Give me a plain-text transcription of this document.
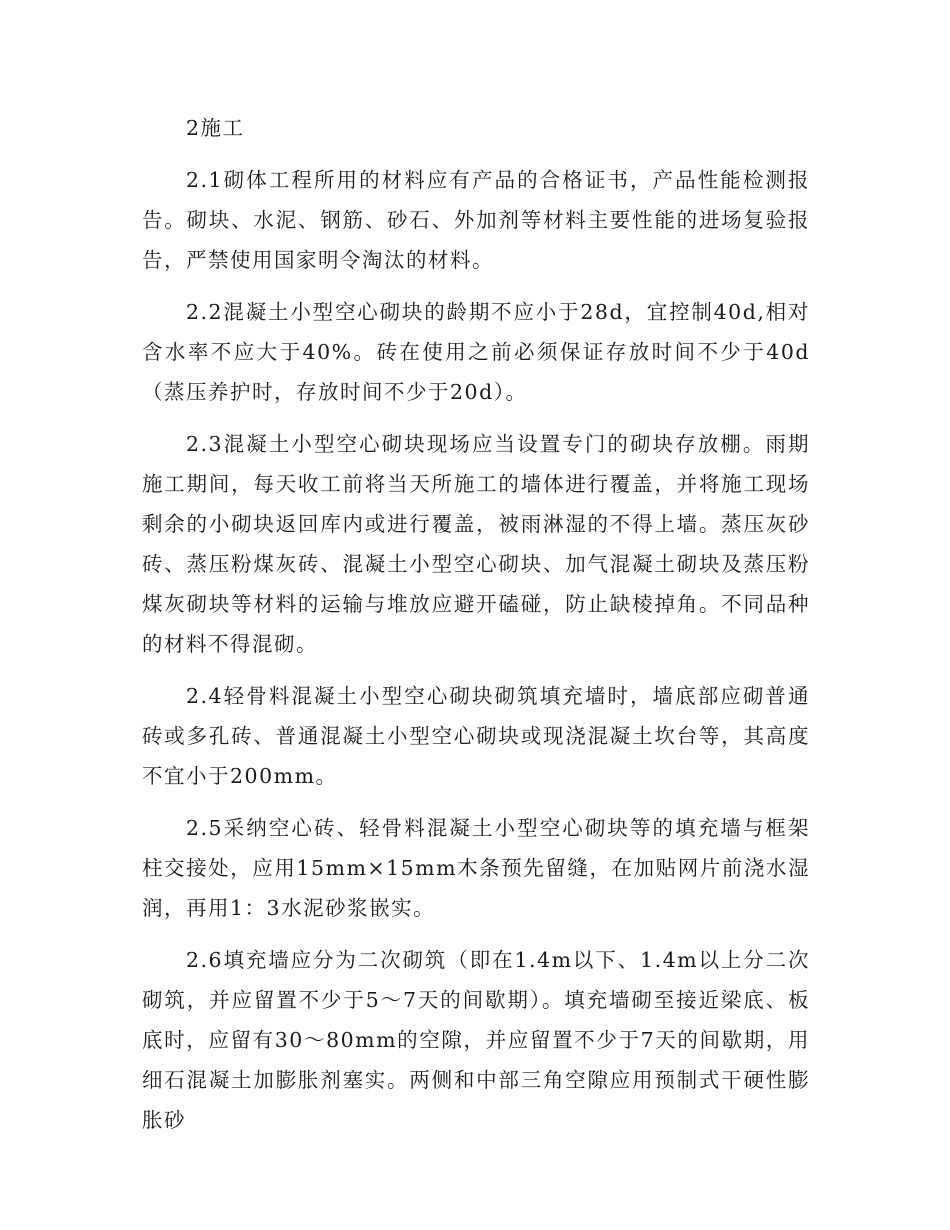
2施工

2.1砌体工程所用的材料应有产品的合格证书，产品性能检测报告。砌块、水泥、钢筋、砂石、外加剂等材料主要性能的进场复验报告，严禁使用国家明令淘汰的材料。

2.2混凝土小型空心砌块的龄期不应小于28d，宜控制40d,相对含水率不应大于40%。砖在使用之前必须保证存放时间不少于40d（蒸压养护时，存放时间不少于20d）。

2.3混凝土小型空心砌块现场应当设置专门的砌块存放棚。雨期施工期间，每天收工前将当天所施工的墙体进行覆盖，并将施工现场剩余的小砌块返回库内或进行覆盖，被雨淋湿的不得上墙。蒸压灰砂砖、蒸压粉煤灰砖、混凝土小型空心砌块、加气混凝土砌块及蒸压粉煤灰砌块等材料的运输与堆放应避开磕碰，防止缺棱掉角。不同品种的材料不得混砌。

2.4轻骨料混凝土小型空心砌块砌筑填充墙时，墙底部应砌普通砖或多孔砖、普通混凝土小型空心砌块或现浇混凝土坎台等，其高度不宜小于200mm。

2.5采纳空心砖、轻骨料混凝土小型空心砌块等的填充墙与框架柱交接处，应用15mm×15mm木条预先留缝，在加贴网片前浇水湿润，再用1：3水泥砂浆嵌实。

2.6填充墙应分为二次砌筑（即在1.4m以下、1.4m以上分二次砌筑，并应留置不少于5～7天的间歇期）。填充墙砌至接近梁底、板底时，应留有30～80mm的空隙，并应留置不少于7天的间歇期，用细石混凝土加膨胀剂塞实。两侧和中部三角空隙应用预制式干硬性膨胀砂
